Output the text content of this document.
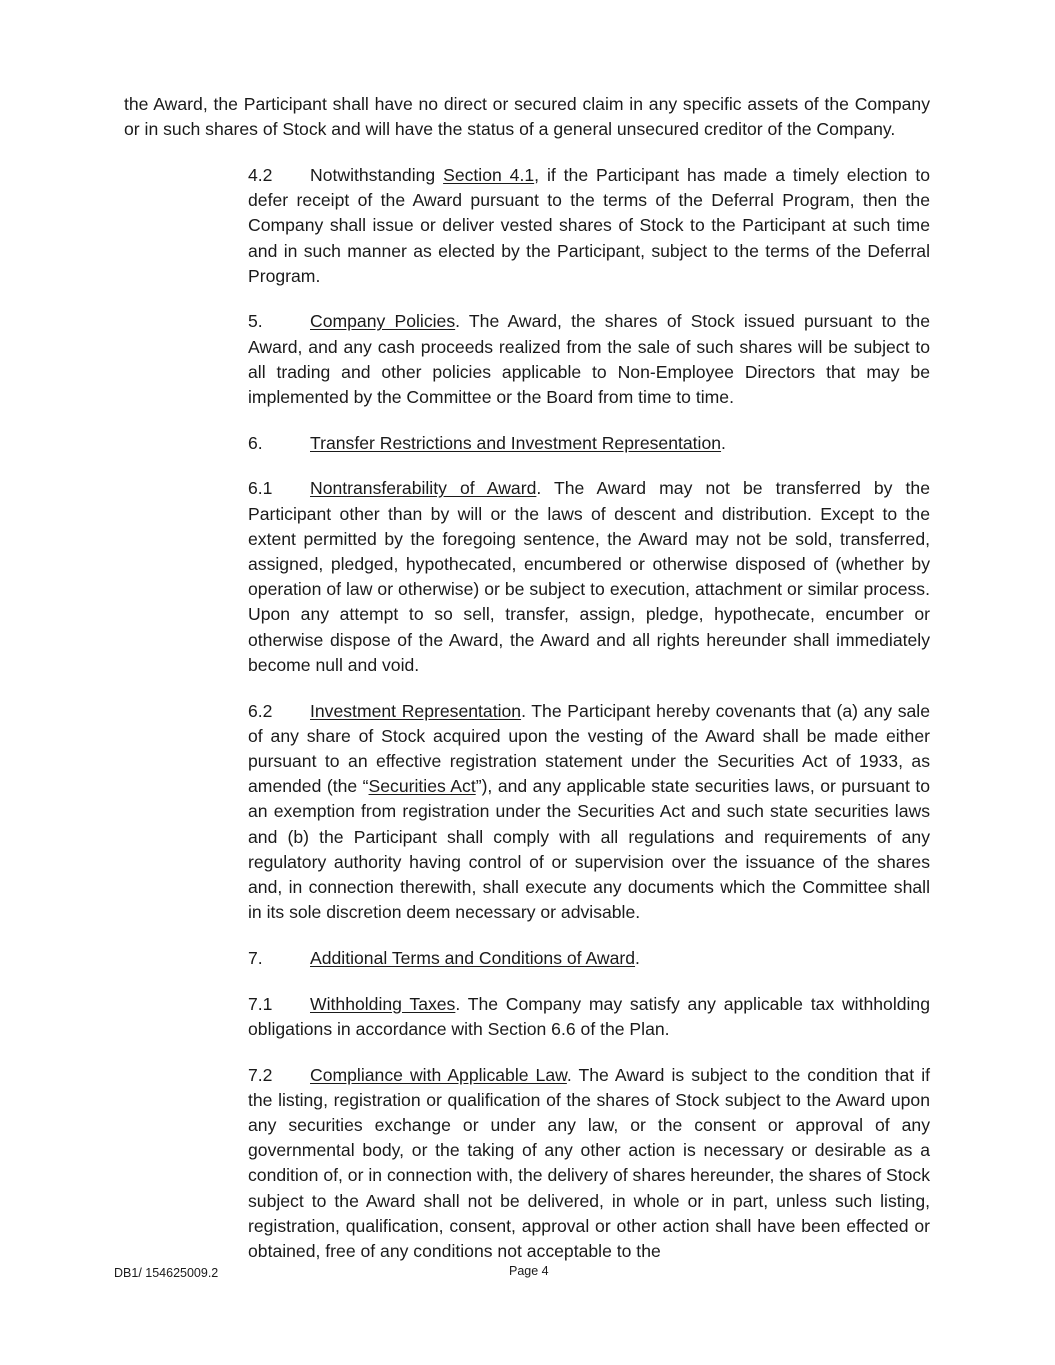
the Award, the Participant shall have no direct or secured claim in any specific assets of the Company or in such shares of Stock and will have the status of a general unsecured creditor of the Company.

4.2 Notwithstanding Section 4.1, if the Participant has made a timely election to defer receipt of the Award pursuant to the terms of the Deferral Program, then the Company shall issue or deliver vested shares of Stock to the Participant at such time and in such manner as elected by the Participant, subject to the terms of the Deferral Program.

5.	Company Policies. The Award, the shares of Stock issued pursuant to the Award, and any cash proceeds realized from the sale of such shares will be subject to all trading and other policies applicable to Non-Employee Directors that may be implemented by the Committee or the Board from time to time.

6.	Transfer Restrictions and Investment Representation.

6.1 Nontransferability of Award. The Award may not be transferred by the Participant other than by will or the laws of descent and distribution. Except to the extent permitted by the foregoing sentence, the Award may not be sold, transferred, assigned, pledged, hypothecated, encumbered or otherwise disposed of (whether by operation of law or otherwise) or be subject to execution, attachment or similar process. Upon any attempt to so sell, transfer, assign, pledge, hypothecate, encumber or otherwise dispose of the Award, the Award and all rights hereunder shall immediately become null and void.

6.2 Investment Representation. The Participant hereby covenants that (a) any sale of any share of Stock acquired upon the vesting of the Award shall be made either pursuant to an effective registration statement under the Securities Act of 1933, as amended (the “Securities Act”), and any applicable state securities laws, or pursuant to an exemption from registration under the Securities Act and such state securities laws and (b) the Participant shall comply with all regulations and requirements of any regulatory authority having control of or supervision over the issuance of the shares and, in connection therewith, shall execute any documents which the Committee shall in its sole discretion deem necessary or advisable.

7.	Additional Terms and Conditions of Award.

7.1 Withholding Taxes. The Company may satisfy any applicable tax withholding obligations in accordance with Section 6.6 of the Plan.

7.2 Compliance with Applicable Law. The Award is subject to the condition that if the listing, registration or qualification of the shares of Stock subject to the Award upon any securities exchange or under any law, or the consent or approval of any governmental body, or the taking of any other action is necessary or desirable as a condition of, or in connection with, the delivery of shares hereunder, the shares of Stock subject to the Award shall not be delivered, in whole or in part, unless such listing, registration, qualification, consent, approval or other action shall have been effected or obtained, free of any conditions not acceptable to the

DB1/ 154625009.2	Page 4
